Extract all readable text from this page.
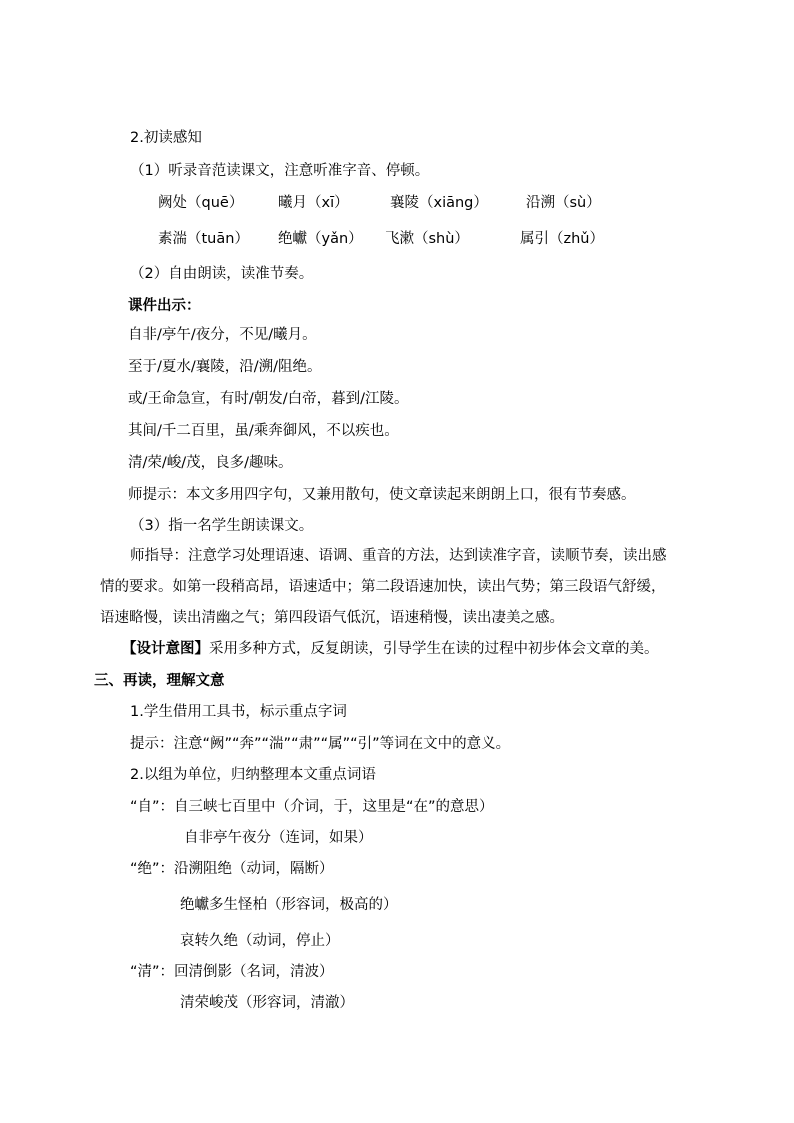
2.初读感知
（1）听录音范读课文，注意听准字音、停顿。
阙处（quē） 曦月（xī）	襄陵（xiāng）	沿溯（sù）
素湍（tuān） 绝巘（yǎn） 飞漱（shù）	属引（zhǔ）
（2）自由朗读，读准节奏。
课件出示：
自非/亭午/夜分，不见/曦月。
至于/夏水/襄陵，沿/溯/阻绝。
或/王命急宣，有时/朝发/白帝，暮到/江陵。
其间/千二百里，虽/乘奔御风，不以疾也。
清/荣/峻/茂，良多/趣味。
师提示：本文多用四字句，又兼用散句，使文章读起来朗朗上口，很有节奏感。
（3）指一名学生朗读课文。
师指导：注意学习处理语速、语调、重音的方法，达到读准字音，读顺节奏，读出感
情的要求。如第一段稍高昂，语速适中；第二段语速加快，读出气势；第三段语气舒缓，
语速略慢，读出清幽之气；第四段语气低沉，语速稍慢，读出凄美之感。
【设计意图】采用多种方式，反复朗读，引导学生在读的过程中初步体会文章的美。
三、再读，理解文意
1.学生借用工具书，标示重点字词
提示：注意“阙”“奔”“湍”“肃”“属”“引”等词在文中的意义。
2.以组为单位，归纳整理本文重点词语
“自”：自三峡七百里中（介词，于，这里是“在”的意思）
自非亭午夜分（连词，如果）
“绝”：沿溯阻绝（动词，隔断）
绝巘多生怪柏（形容词，极高的）
哀转久绝（动词，停止）
“清”：回清倒影（名词，清波）
清荣峻茂（形容词，清澈）
